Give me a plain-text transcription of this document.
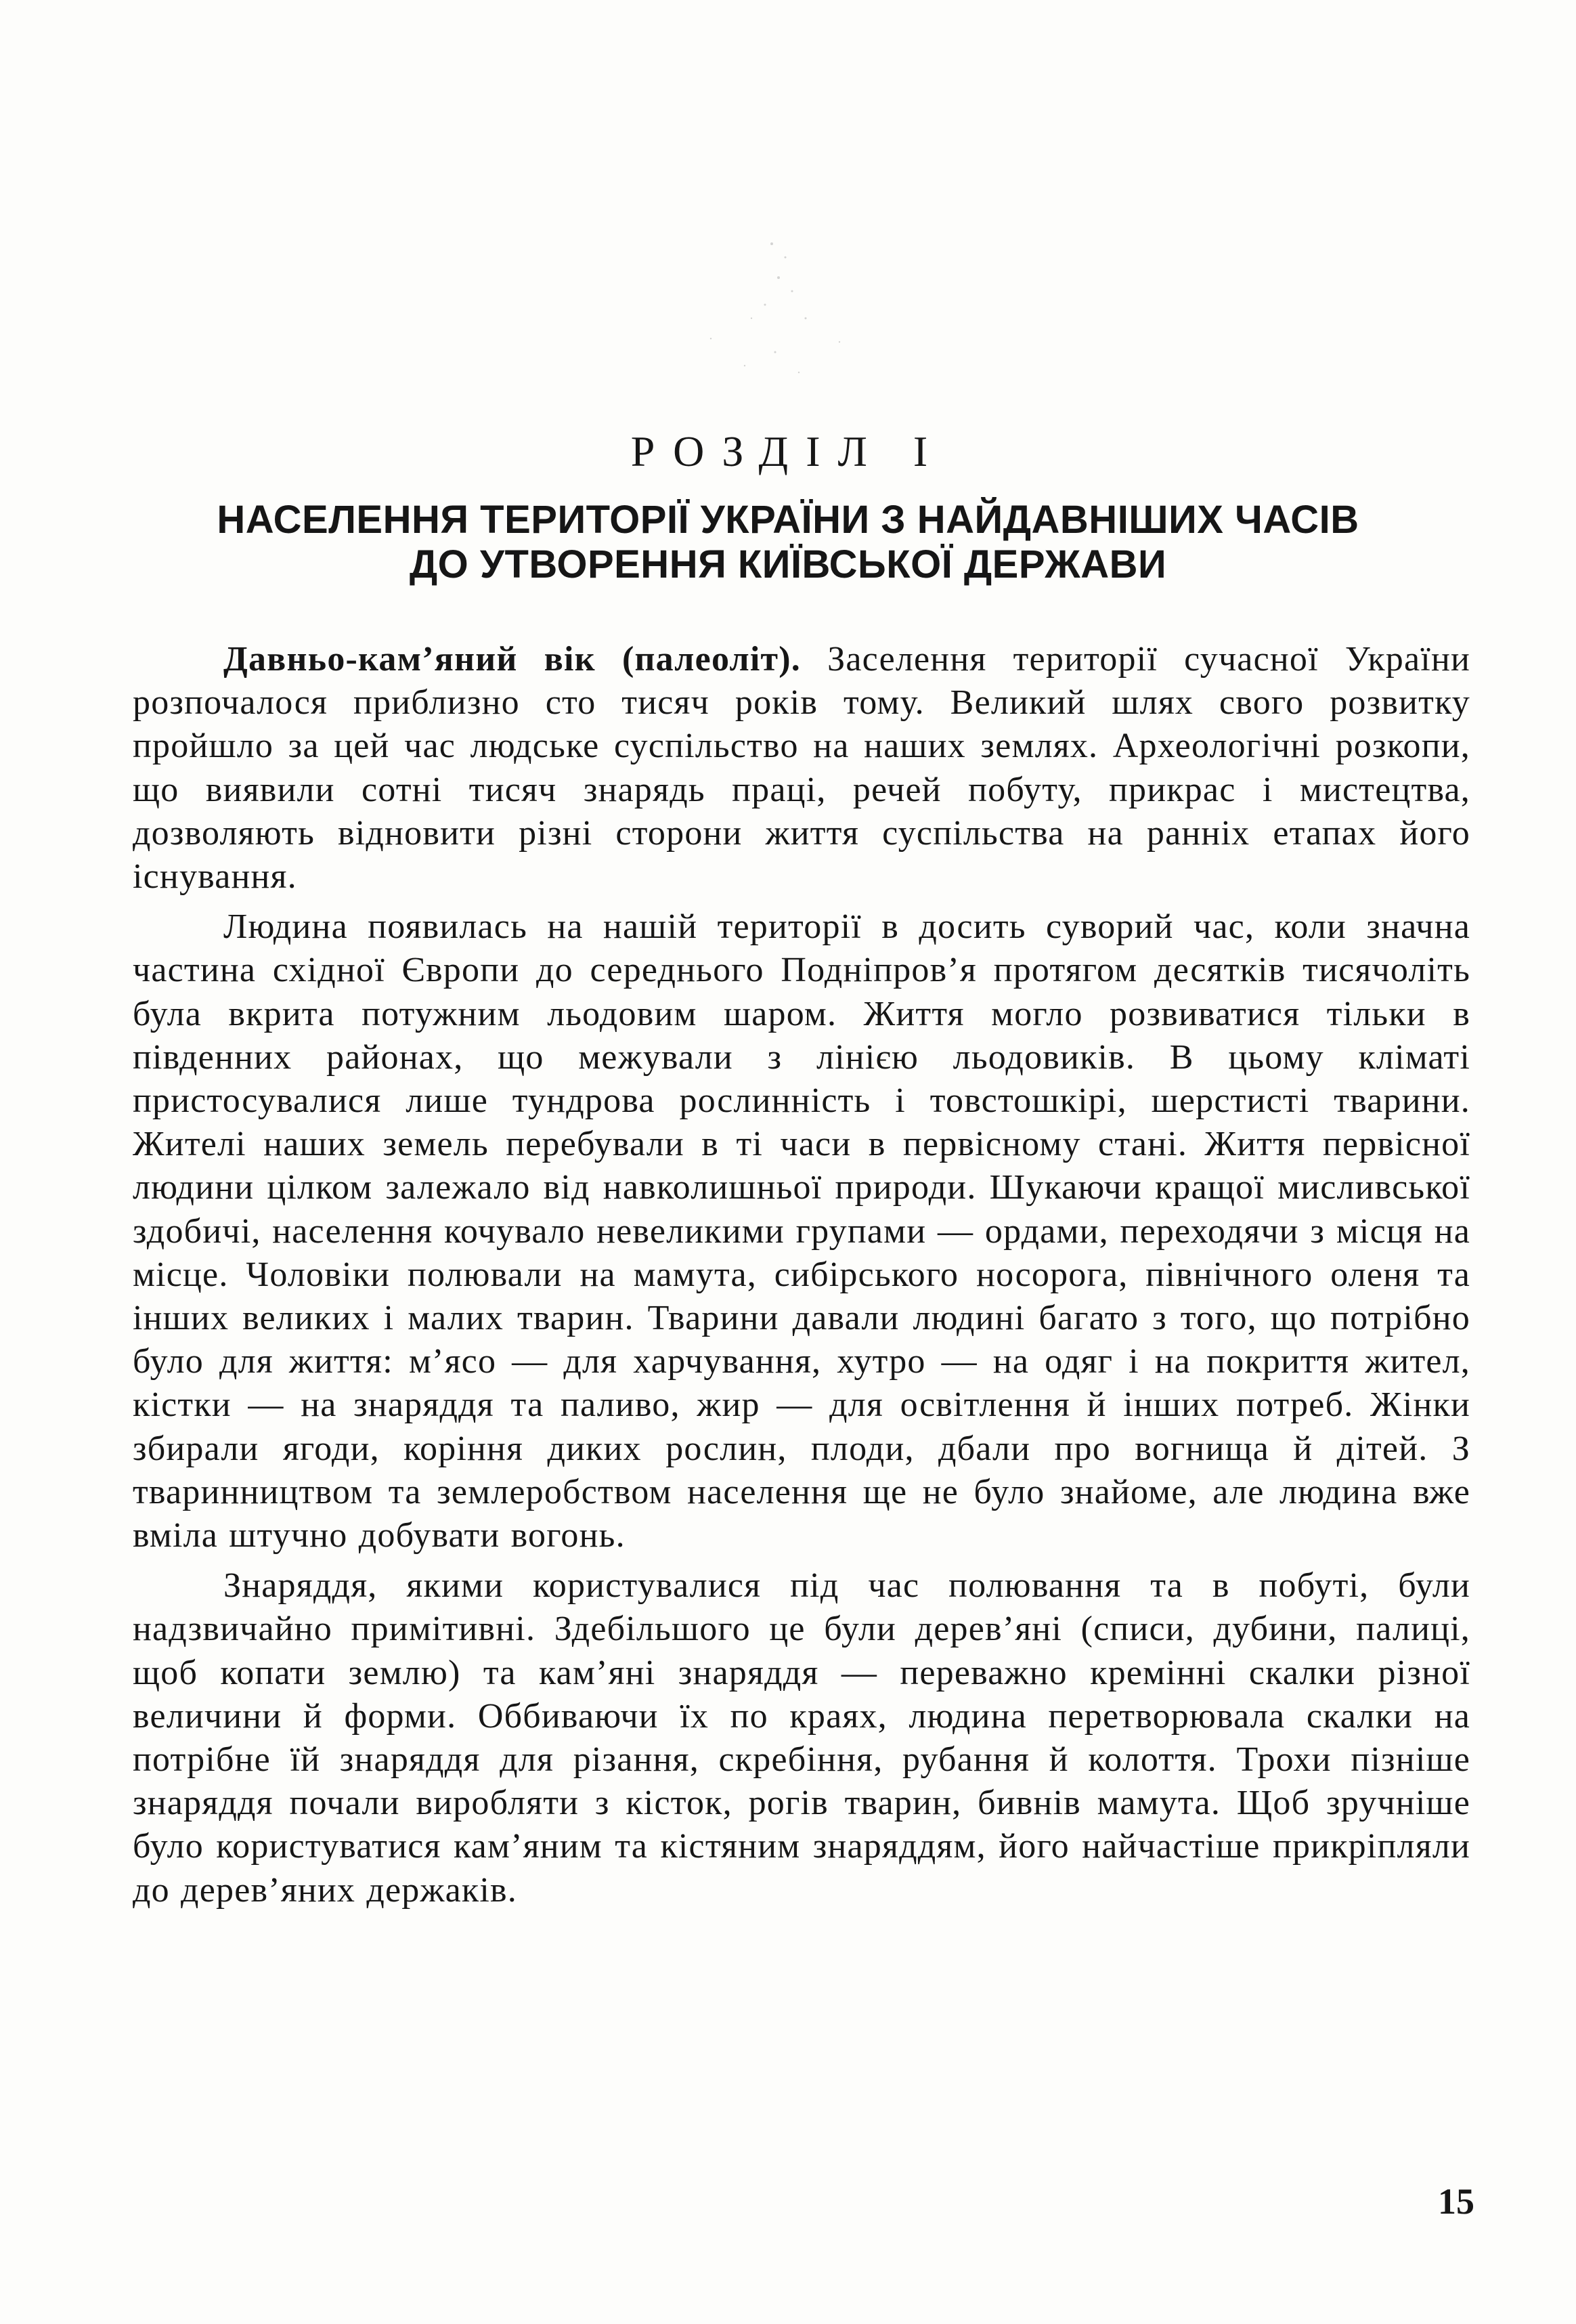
РОЗДІЛ І
НАСЕЛЕННЯ ТЕРИТОРІЇ УКРАЇНИ З НАЙДАВНІШИХ ЧАСІВ
ДО УТВОРЕННЯ КИЇВСЬКОЇ ДЕРЖАВИ

Давньо-кам’яний вік (палеоліт). Заселення території сучасної України розпочалося приблизно сто тисяч років тому. Великий шлях свого розвитку пройшло за цей час людське суспільство на наших землях. Археологічні розкопи, що виявили сотні тисяч знарядь праці, речей побуту, прикрас і мистецтва, дозволяють відновити різні сторони життя суспільства на ранніх етапах його існування.

Людина появилась на нашій території в досить суворий час, коли значна частина східної Європи до середнього Подніпров’я протягом десятків тисячоліть була вкрита потужним льодовим шаром. Життя могло розвиватися тільки в південних районах, що межували з лінією льодовиків. В цьому кліматі пристосувалися лише тундрова рослинність і товстошкірі, шерстисті тварини. Жителі наших земель перебували в ті часи в первісному стані. Життя первісної людини цілком залежало від навколишньої природи. Шукаючи кращої мисливської здобичі, населення кочувало невеликими групами — ордами, переходячи з місця на місце. Чоловіки полювали на мамута, сибірського носорога, північного оленя та інших великих і малих тварин. Тварини давали людині багато з того, що потрібно було для життя: м’ясо — для харчування, хутро — на одяг і на покриття жител, кістки — на знаряддя та паливо, жир — для освітлення й інших потреб. Жінки збирали ягоди, коріння диких рослин, плоди, дбали про вогнища й дітей. З тваринництвом та землеробством населення ще не було знайоме, але людина вже вміла штучно добувати вогонь.

Знаряддя, якими користувалися під час полювання та в побуті, були надзвичайно примітивні. Здебільшого це були дерев’яні (списи, дубини, палиці, щоб копати землю) та кам’яні знаряддя — переважно кремінні скалки різної величини й форми. Оббиваючи їх по краях, людина перетворювала скалки на потрібне їй знаряддя для різання, скребіння, рубання й колоття. Трохи пізніше знаряддя почали виробляти з кісток, рогів тварин, бивнів мамута. Щоб зручніше було користуватися кам’яним та кістяним знаряддям, його найчастіше прикріпляли до дерев’яних держаків.

15
